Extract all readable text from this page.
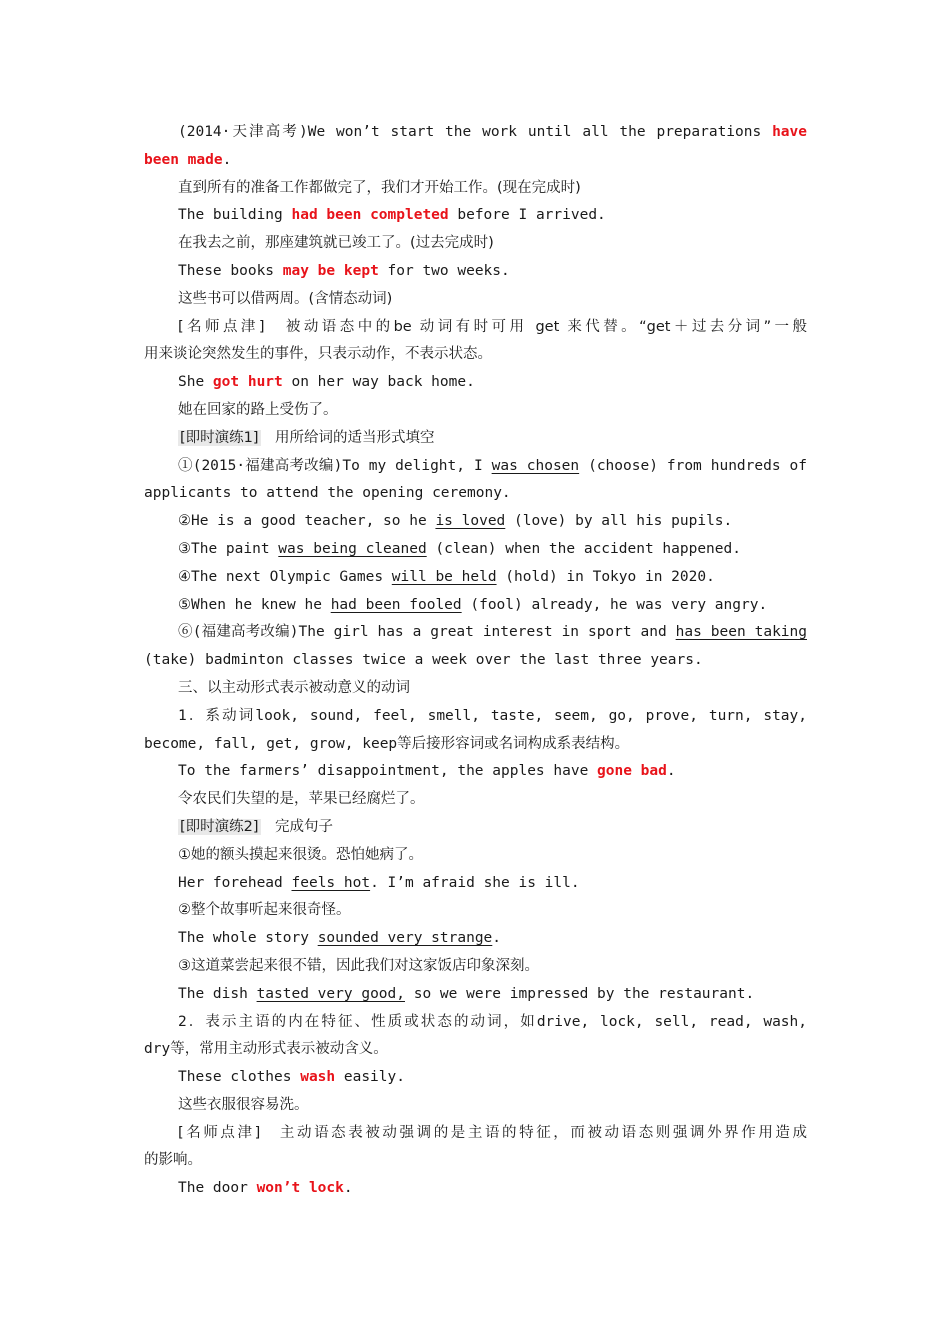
(2014·天津高考)We won’t start the work until all the preparations have
been made.
直到所有的准备工作都做完了，我们才开始工作。(现在完成时)
The building had been completed before I arrived.
在我去之前，那座建筑就已竣工了。(过去完成时)
These books may be kept for two weeks.
这些书可以借两周。(含情态动词)
[名师点津]　被动语态中的be 动词有时可用 get 来代替。“get＋过去分词”一般
用来谈论突然发生的事件，只表示动作，不表示状态。
She got hurt on her way back home.
她在回家的路上受伤了。
[即时演练1]　用所给词的适当形式填空
①(2015·福建高考改编)To my delight, I was chosen (choose) from hundreds of
applicants to attend the opening ceremony.
②He is a good teacher, so he is loved (love) by all his pupils.
③The paint was being cleaned (clean) when the accident happened.
④The next Olympic Games will be held (hold) in Tokyo in 2020.
⑤When he knew he had been fooled (fool) already, he was very angry.
⑥(福建高考改编)The girl has a great interest in sport and has been taking
(take) badminton classes twice a week over the last three years.
三、以主动形式表示被动意义的动词
1．系动词look, sound, feel, smell, taste, seem, go, prove, turn, stay,
become, fall, get, grow, keep等后接形容词或名词构成系表结构。
To the farmers’ disappointment, the apples have gone bad.
令农民们失望的是，苹果已经腐烂了。
[即时演练2]　完成句子
①她的额头摸起来很烫。恐怕她病了。
Her forehead feels hot. I’m afraid she is ill.
②整个故事听起来很奇怪。
The whole story sounded very strange.
③这道菜尝起来很不错，因此我们对这家饭店印象深刻。
The dish tasted very good, so we were impressed by the restaurant.
2．表示主语的内在特征、性质或状态的动词，如drive, lock, sell, read, wash,
dry等，常用主动形式表示被动含义。
These clothes wash easily.
这些衣服很容易洗。
[名师点津]　主动语态表被动强调的是主语的特征，而被动语态则强调外界作用造成
的影响。
The door won’t lock.
